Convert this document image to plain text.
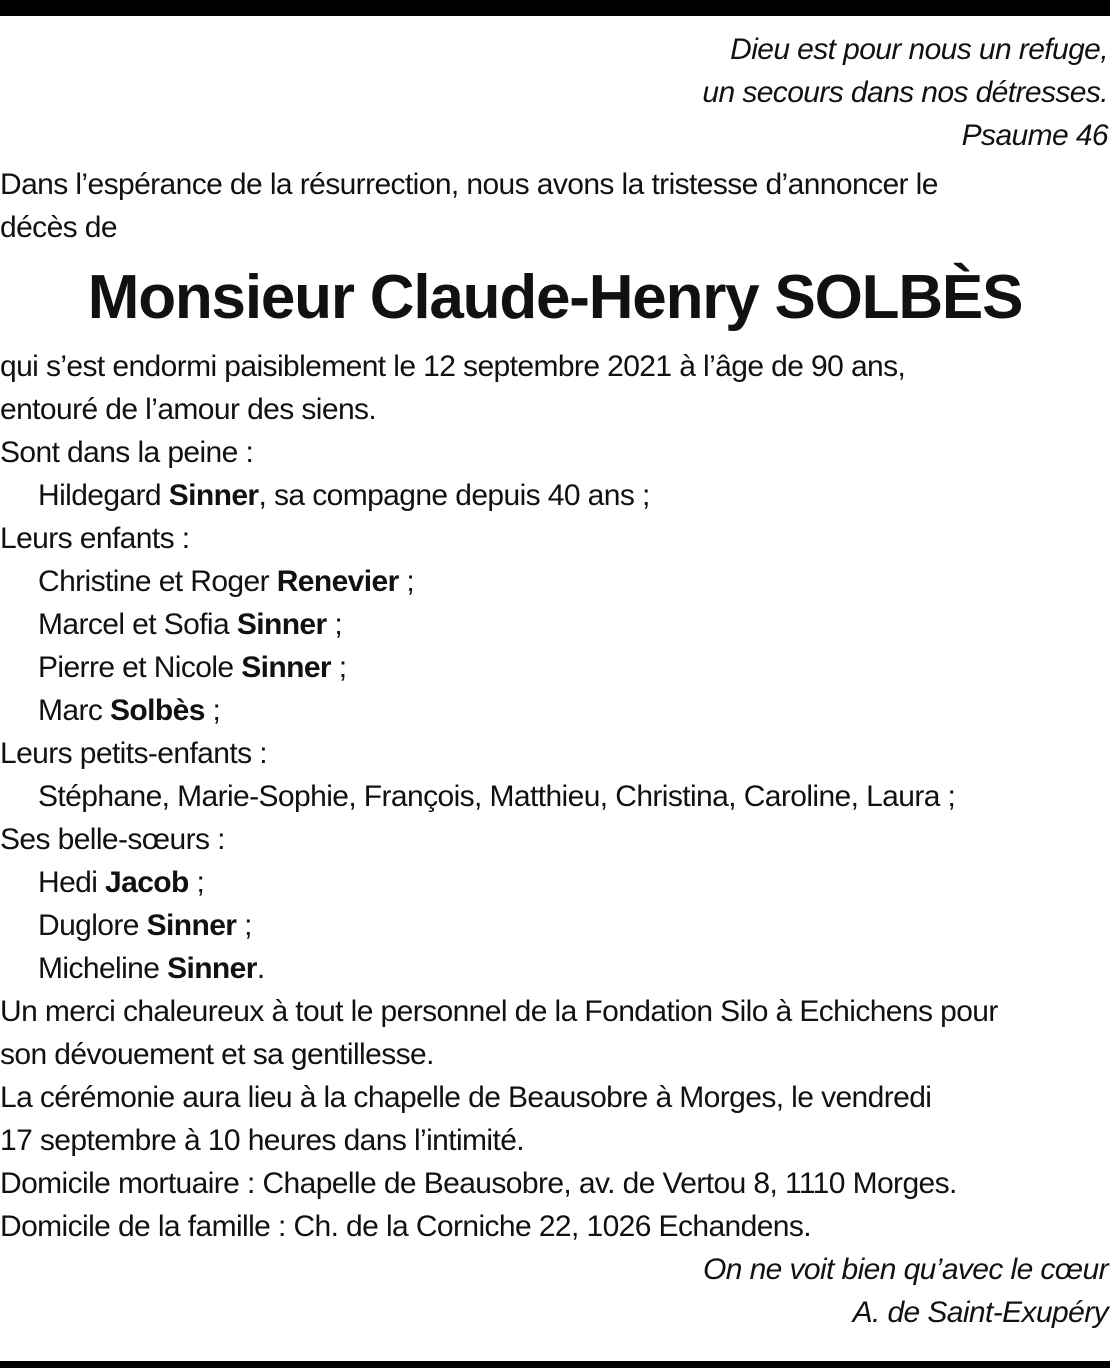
Dieu est pour nous un refuge,
un secours dans nos détresses.
Psaume 46
Dans l’espérance de la résurrection, nous avons la tristesse d’annoncer le
décès de
Monsieur Claude-Henry SOLBÈS
qui s’est endormi paisiblement le 12 septembre 2021 à l’âge de 90 ans,
entouré de l’amour des siens.
Sont dans la peine :
Hildegard Sinner, sa compagne depuis 40 ans ;
Leurs enfants :
Christine et Roger Renevier ;
Marcel et Sofia Sinner ;
Pierre et Nicole Sinner ;
Marc Solbès ;
Leurs petits-enfants :
Stéphane, Marie-Sophie, François, Matthieu, Christina, Caroline, Laura ;
Ses belle-sœurs :
Hedi Jacob ;
Duglore Sinner ;
Micheline Sinner.
Un merci chaleureux à tout le personnel de la Fondation Silo à Echichens pour
son dévouement et sa gentillesse.
La cérémonie aura lieu à la chapelle de Beausobre à Morges, le vendredi
17 septembre à 10 heures dans l’intimité.
Domicile mortuaire : Chapelle de Beausobre, av. de Vertou 8, 1110 Morges.
Domicile de la famille : Ch. de la Corniche 22, 1026 Echandens.
On ne voit bien qu’avec le cœur
A. de Saint-Exupéry
